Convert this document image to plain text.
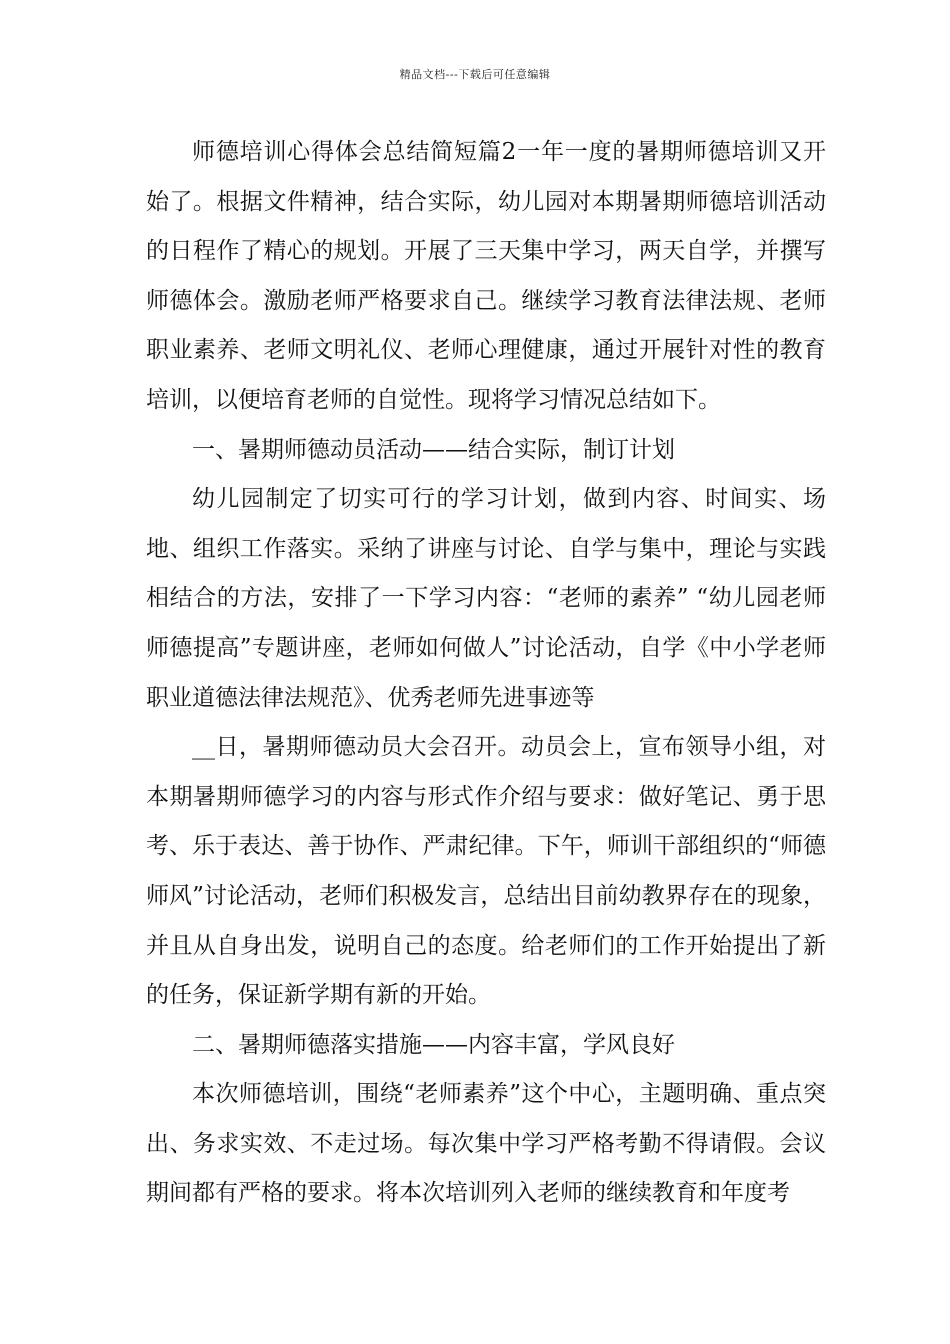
精品文档---下载后可任意编辑

师德培训心得体会总结简短篇2一年一度的暑期师德培训又开始了。根据文件精神，结合实际，幼儿园对本期暑期师德培训活动的日程作了精心的规划。开展了三天集中学习，两天自学，并撰写师德体会。激励老师严格要求自己。继续学习教育法律法规、老师职业素养、老师文明礼仪、老师心理健康，通过开展针对性的教育培训，以便培育老师的自觉性。现将学习情况总结如下。

一、暑期师德动员活动——结合实际，制订计划

幼儿园制定了切实可行的学习计划，做到内容、时间实、场地、组织工作落实。采纳了讲座与讨论、自学与集中，理论与实践相结合的方法，安排了一下学习内容：“老师的素养” “幼儿园老师师德提高”专题讲座，老师如何做人”讨论活动，自学《中小学老师职业道德法律法规范》、优秀老师先进事迹等

__日，暑期师德动员大会召开。动员会上，宣布领导小组，对本期暑期师德学习的内容与形式作介绍与要求：做好笔记、勇于思考、乐于表达、善于协作、严肃纪律。下午，师训干部组织的“师德师风”讨论活动，老师们积极发言，总结出目前幼教界存在的现象，并且从自身出发，说明自己的态度。给老师们的工作开始提出了新的任务，保证新学期有新的开始。

二、暑期师德落实措施——内容丰富，学风良好

本次师德培训，围绕“老师素养”这个中心，主题明确、重点突出、务求实效、不走过场。每次集中学习严格考勤不得请假。会议期间都有严格的要求。将本次培训列入老师的继续教育和年度考
